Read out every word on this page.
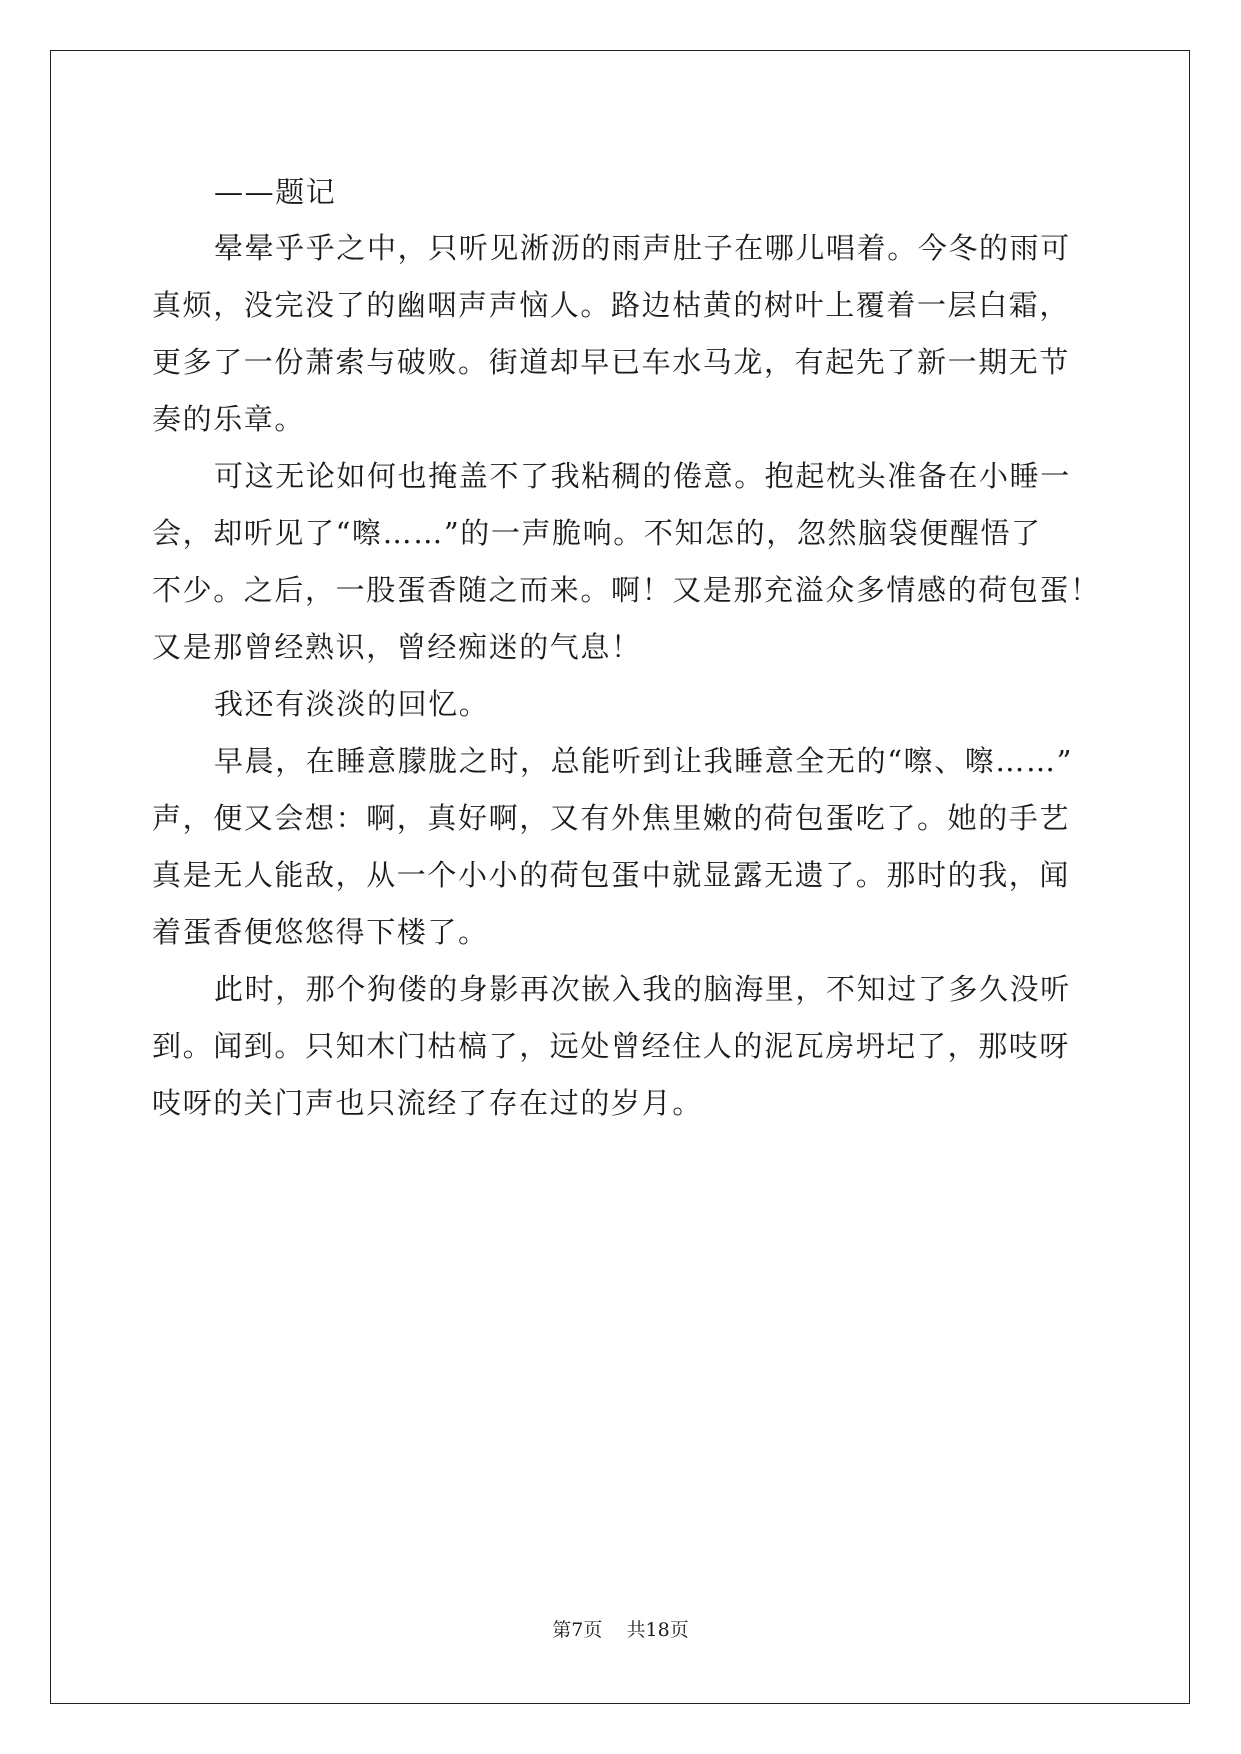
——题记
晕晕乎乎之中，只听见淅沥的雨声肚子在哪儿唱着。今冬的雨可
真烦，没完没了的幽咽声声恼人。路边枯黄的树叶上覆着一层白霜，
更多了一份萧索与破败。街道却早已车水马龙，有起先了新一期无节
奏的乐章。
可这无论如何也掩盖不了我粘稠的倦意。抱起枕头准备在小睡一
会，却听见了“嚓……”的一声脆响。不知怎的，忽然脑袋便醒悟了
不少。之后，一股蛋香随之而来。啊！又是那充溢众多情感的荷包蛋！
又是那曾经熟识，曾经痴迷的气息！
我还有淡淡的回忆。
早晨，在睡意朦胧之时，总能听到让我睡意全无的“嚓、嚓……”
声，便又会想：啊，真好啊，又有外焦里嫩的荷包蛋吃了。她的手艺
真是无人能敌，从一个小小的荷包蛋中就显露无遗了。那时的我，闻
着蛋香便悠悠得下楼了。
此时，那个狗偻的身影再次嵌入我的脑海里，不知过了多久没听
到。闻到。只知木门枯槁了，远处曾经住人的泥瓦房坍圮了，那吱呀
吱呀的关门声也只流经了存在过的岁月。
第7页    共18页
